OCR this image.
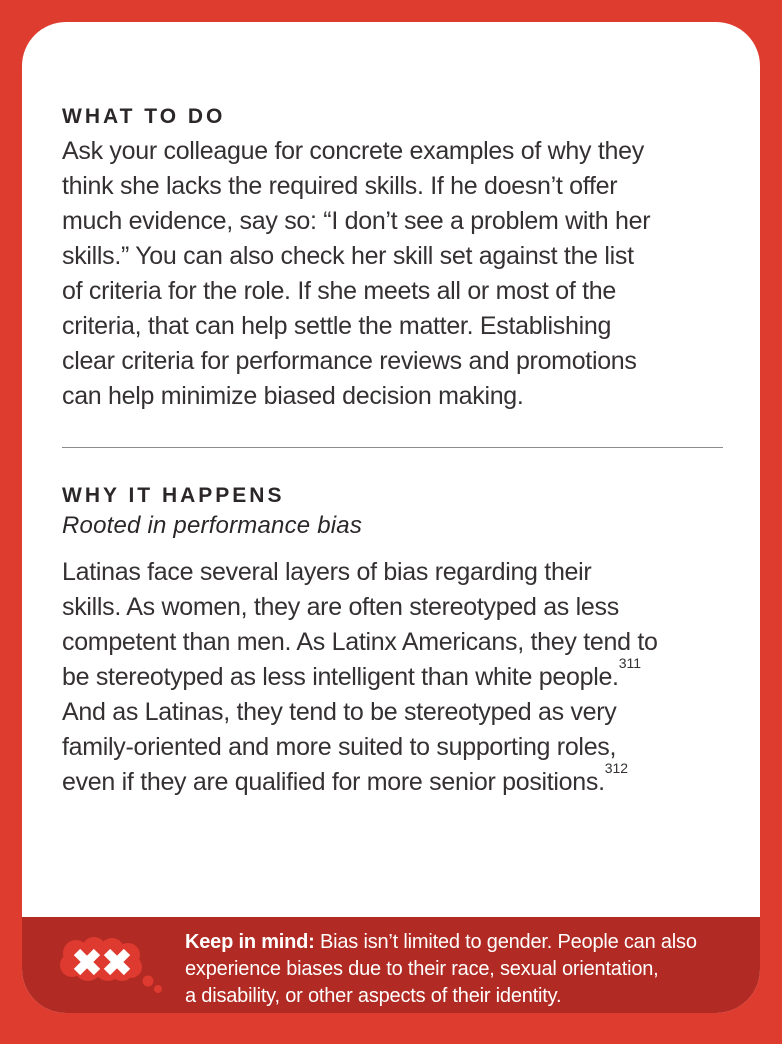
WHAT TO DO
Ask your colleague for concrete examples of why they
think she lacks the required skills. If he doesn’t offer
much evidence, say so: “I don’t see a problem with her
skills.” You can also check her skill set against the list
of criteria for the role. If she meets all or most of the
criteria, that can help settle the matter. Establishing
clear criteria for performance reviews and promotions
can help minimize biased decision making.
WHY IT HAPPENS
Rooted in performance bias
Latinas face several layers of bias regarding their
skills. As women, they are often stereotyped as less
competent than men. As Latinx Americans, they tend to
be stereotyped as less intelligent than white people.$^{311}$
And as Latinas, they tend to be stereotyped as very
family-oriented and more suited to supporting roles,
even if they are qualified for more senior positions.$^{312}$
Keep in mind: Bias isn’t limited to gender. People can also
experience biases due to their race, sexual orientation,
a disability, or other aspects of their identity.
